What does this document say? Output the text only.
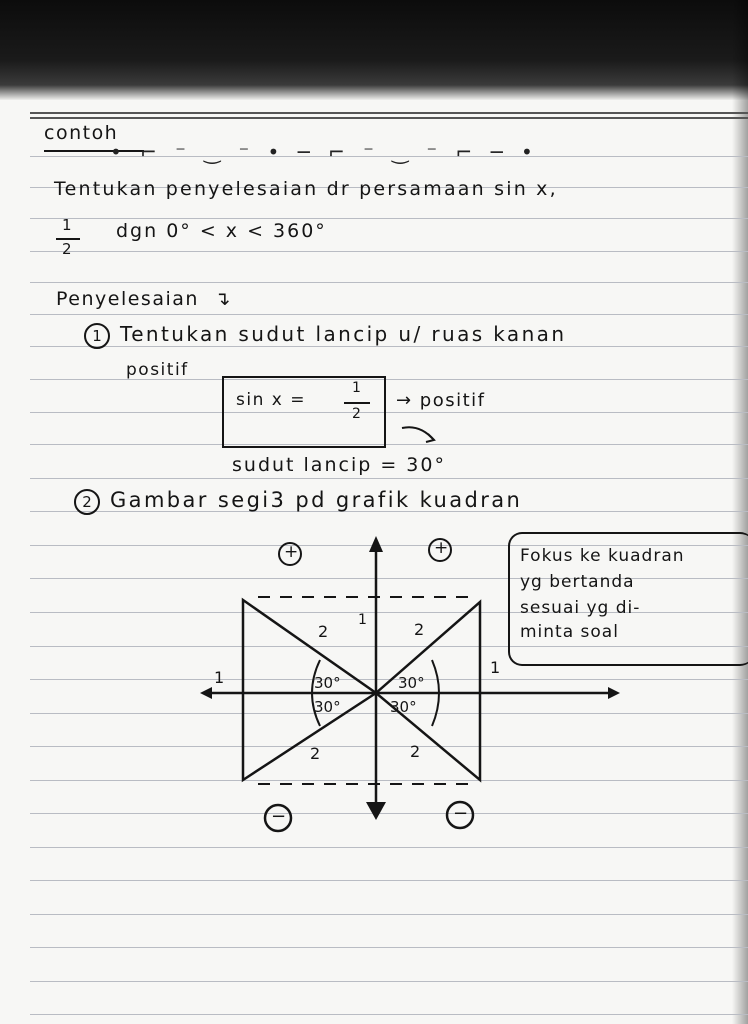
contoh
• ⌐ ⁻ ‿ ⁻ • ─ ⌐ ⁻ ‿ ⁻ ⌐ ─ •
Tentukan penyelesaian dr persamaan sin x,
1
2
dgn 0° < x < 360°
Penyelesaian ↴
1 Tentukan sudut lancip u/ ruas kanan
positif
sin x =
1
2
→ positif
sudut lancip = 30°
2 Gambar segi3 pd grafik kuadran
Fokus ke kuadran
yg bertanda
sesuai yg di-
minta soal
+	+
−	−
2	2
2	2
1
1
1
30°	30°
30°	30°
